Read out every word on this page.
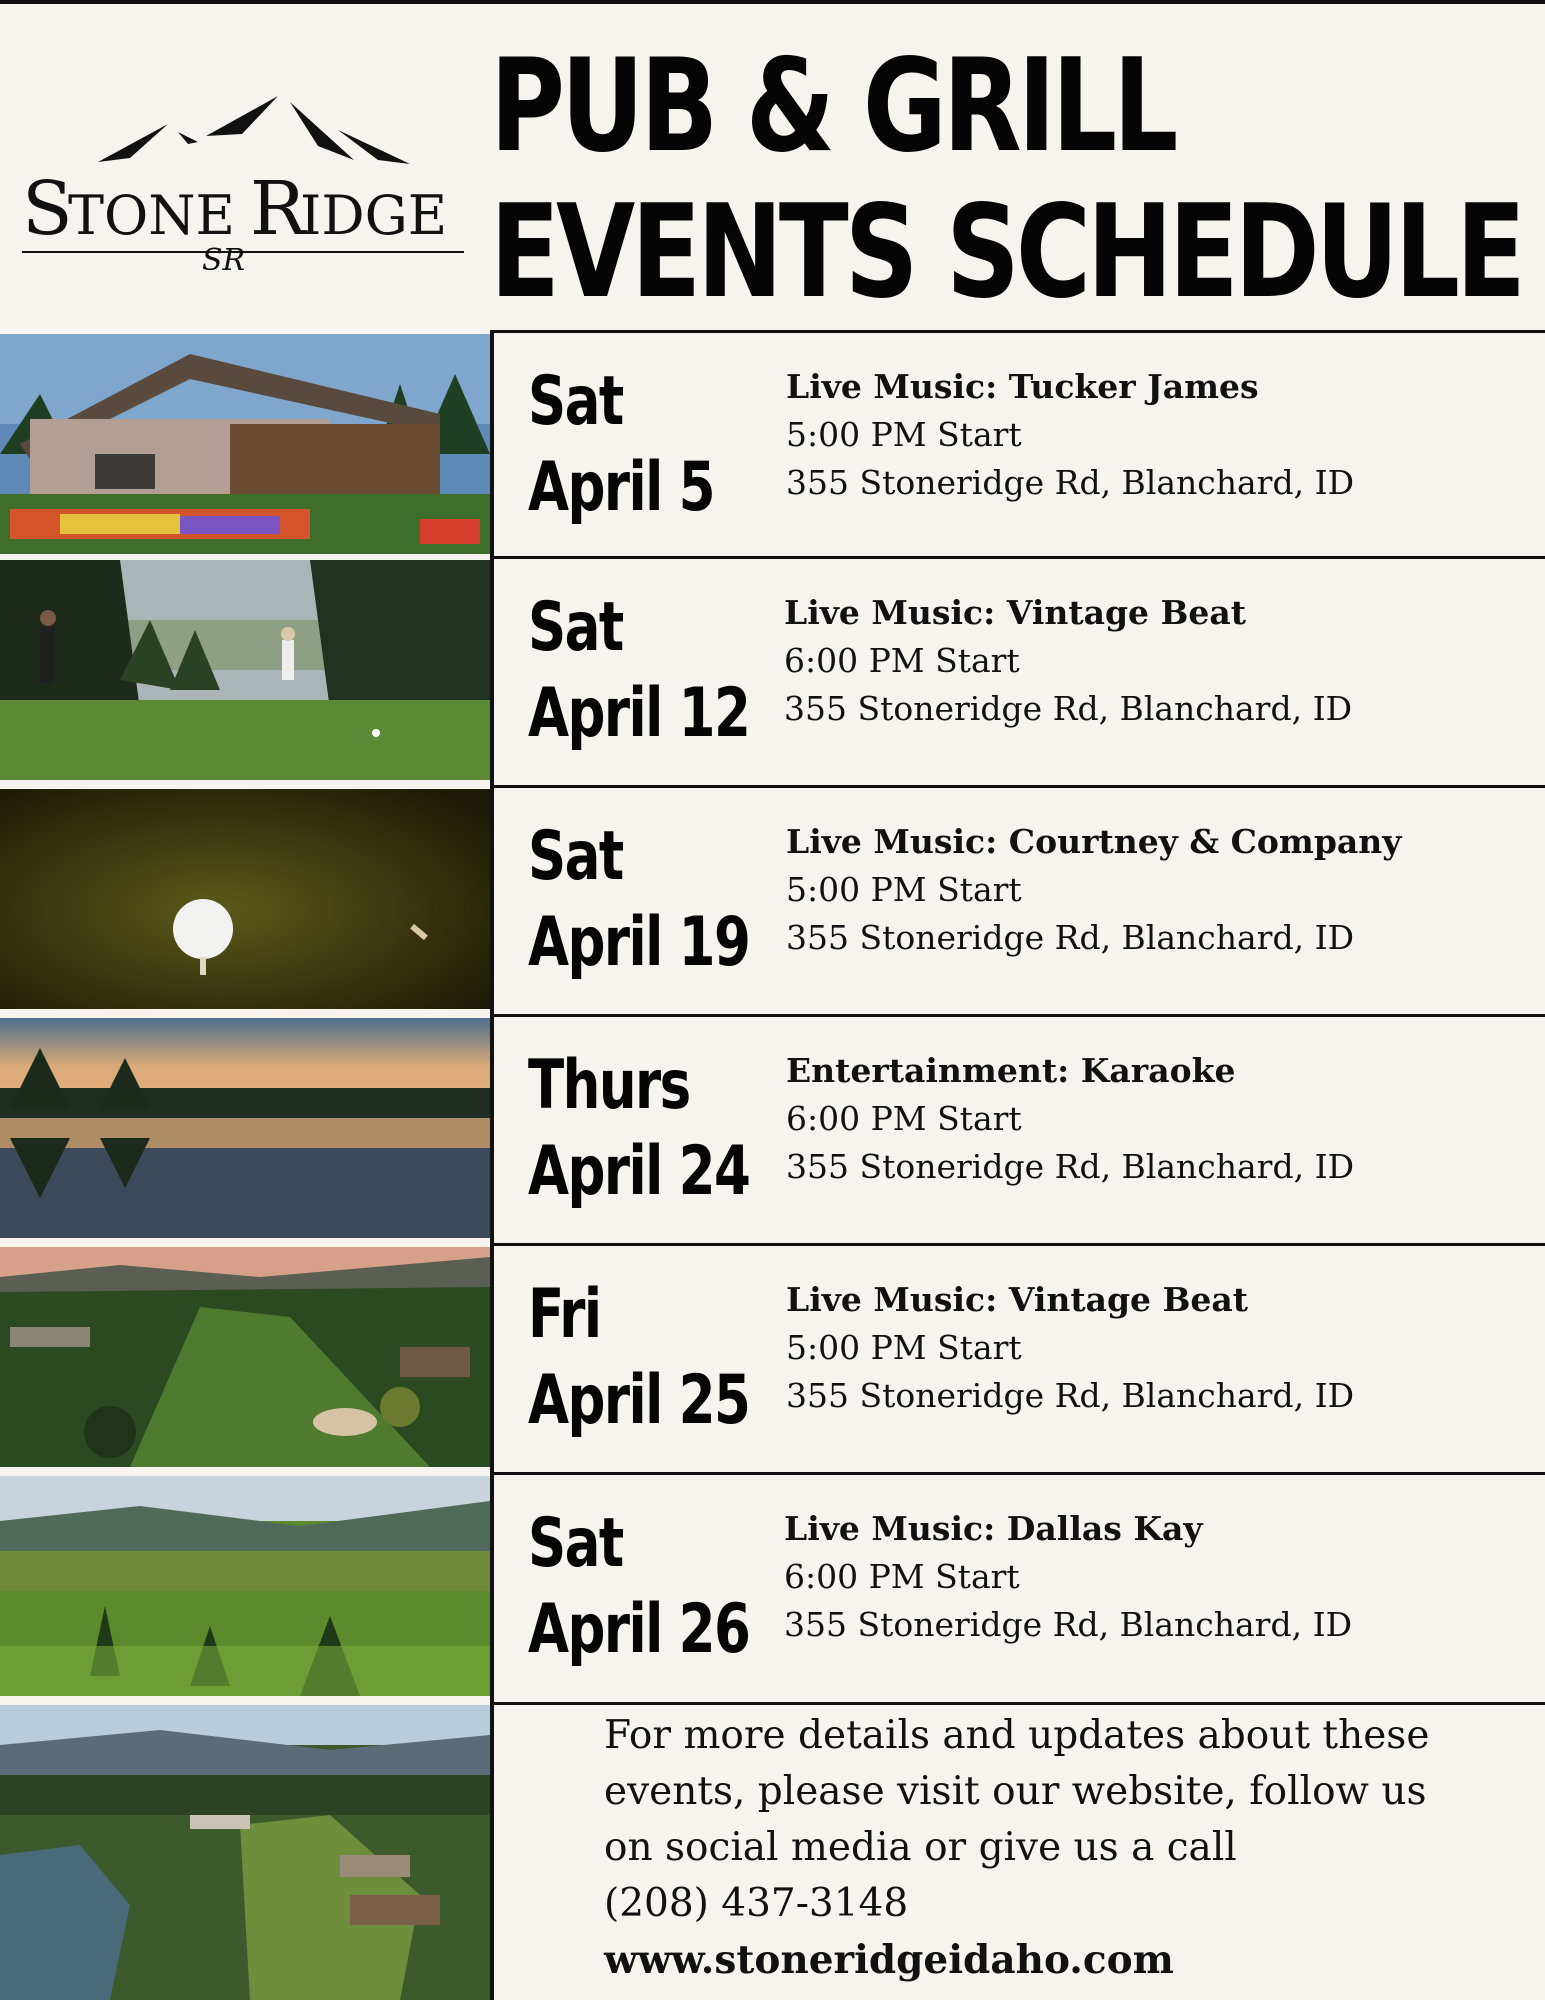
S
TONE R
IDGE
SR
PUB & GRILL
EVENTS SCHEDULE
Sat
April 5
Live Music: Tucker James
5:00 PM Start
355 Stoneridge Rd, Blanchard, ID
Sat
April 12
Live Music: Vintage Beat
6:00 PM Start
355 Stoneridge Rd, Blanchard, ID
Sat
April 19
Live Music: Courtney & Company
5:00 PM Start
355 Stoneridge Rd, Blanchard, ID
Thurs
April 24
Entertainment: Karaoke
6:00 PM Start
355 Stoneridge Rd, Blanchard, ID
Fri
April 25
Live Music: Vintage Beat
5:00 PM Start
355 Stoneridge Rd, Blanchard, ID
Sat
April 26
Live Music: Dallas Kay
6:00 PM Start
355 Stoneridge Rd, Blanchard, ID
For more details and updates about these
events, please visit our website, follow us
on social media or give us a call
(208) 437-3148
www.stoneridgeidaho.com
